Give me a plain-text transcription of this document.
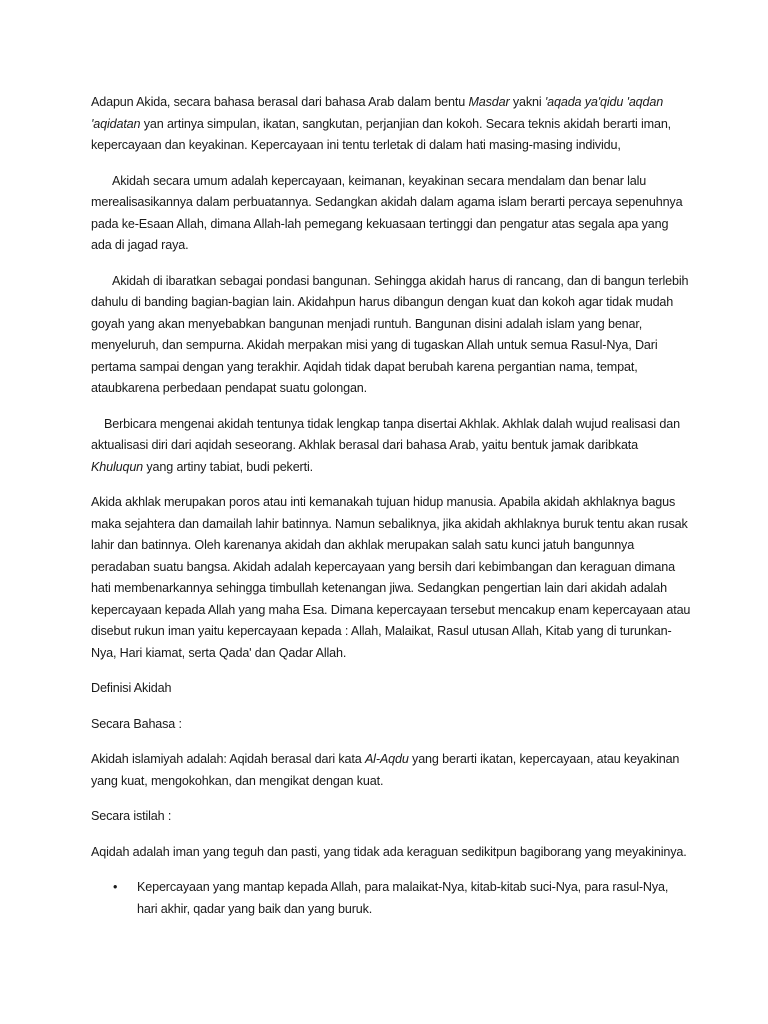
Adapun Akida, secara bahasa berasal dari bahasa Arab dalam bentu Masdar yakni 'aqada ya'qidu 'aqdan 'aqidatan yan artinya simpulan, ikatan, sangkutan, perjanjian dan kokoh. Secara teknis akidah berarti iman, kepercayaan dan keyakinan. Kepercayaan ini tentu terletak di dalam hati masing-masing individu,

Akidah secara umum adalah kepercayaan, keimanan, keyakinan secara mendalam dan benar lalu merealisasikannya dalam perbuatannya. Sedangkan akidah dalam agama islam berarti percaya sepenuhnya pada ke-Esaan Allah, dimana Allah-lah pemegang kekuasaan tertinggi dan pengatur atas segala apa yang ada di jagad raya.

Akidah di ibaratkan sebagai pondasi bangunan. Sehingga akidah harus di rancang, dan di bangun terlebih dahulu di banding bagian-bagian lain. Akidahpun harus dibangun dengan kuat dan kokoh agar tidak mudah goyah yang akan menyebabkan bangunan menjadi runtuh. Bangunan disini adalah islam yang benar, menyeluruh, dan sempurna. Akidah merpakan misi yang di tugaskan Allah untuk semua Rasul-Nya, Dari pertama sampai dengan yang terakhir. Aqidah tidak dapat berubah karena pergantian nama, tempat, ataubkarena perbedaan pendapat suatu golongan.

Berbicara mengenai akidah tentunya tidak lengkap tanpa disertai Akhlak. Akhlak dalah wujud realisasi dan aktualisasi diri dari aqidah seseorang. Akhlak berasal dari bahasa Arab, yaitu bentuk jamak daribkata Khuluqun yang artiny tabiat, budi pekerti.

Akida akhlak merupakan poros atau inti kemanakah tujuan hidup manusia. Apabila akidah akhlaknya bagus maka sejahtera dan damailah lahir batinnya. Namun sebaliknya, jika akidah akhlaknya buruk tentu akan rusak lahir dan batinnya. Oleh karenanya akidah dan akhlak merupakan salah satu kunci jatuh bangunnya peradaban suatu bangsa. Akidah adalah kepercayaan yang bersih dari kebimbangan dan keraguan dimana hati membenarkannya sehingga timbullah ketenangan jiwa. Sedangkan pengertian lain dari akidah adalah kepercayaan kepada Allah yang maha Esa. Dimana kepercayaan tersebut mencakup enam kepercayaan atau disebut rukun iman yaitu kepercayaan kepada : Allah, Malaikat, Rasul utusan Allah, Kitab yang di turunkan-Nya, Hari kiamat, serta Qada' dan Qadar Allah.

Definisi Akidah

Secara Bahasa :

Akidah islamiyah adalah: Aqidah berasal dari kata Al-Aqdu yang berarti ikatan, kepercayaan, atau keyakinan yang kuat, mengokohkan, dan mengikat dengan kuat.

Secara istilah :

Aqidah adalah iman yang teguh dan pasti, yang tidak ada keraguan sedikitpun bagiborang yang meyakininya.

• Kepercayaan yang mantap kepada Allah, para malaikat-Nya, kitab-kitab suci-Nya, para rasul-Nya, hari akhir, qadar yang baik dan yang buruk.
